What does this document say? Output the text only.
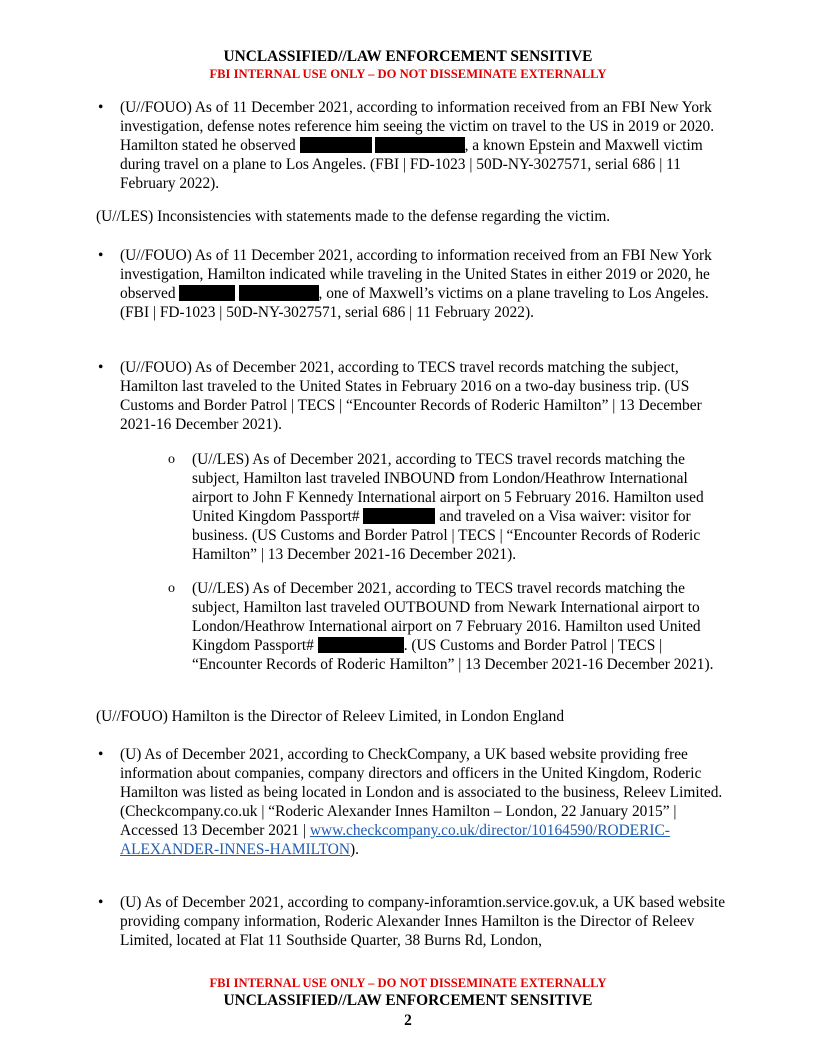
UNCLASSIFIED//LAW ENFORCEMENT SENSITIVE
FBI INTERNAL USE ONLY – DO NOT DISSEMINATE EXTERNALLY
• (U//FOUO) As of 11 December 2021, according to information received from an FBI New York investigation, defense notes reference him seeing the victim on travel to the US in 2019 or 2020. Hamilton stated he observed  	, a known Epstein and Maxwell victim during travel on a plane to Los Angeles. (FBI | FD-1023 | 50D-NY-3027571, serial 686 | 11 February 2022).
(U//LES) Inconsistencies with statements made to the defense regarding the victim.
• (U//FOUO) As of 11 December 2021, according to information received from an FBI New York investigation, Hamilton indicated while traveling in the United States in either 2019 or 2020, he observed  	, one of Maxwell’s victims on a plane traveling to Los Angeles. (FBI | FD-1023 | 50D-NY-3027571, serial 686 | 11 February 2022).
• (U//FOUO) As of December 2021, according to TECS travel records matching the subject, Hamilton last traveled to the United States in February 2016 on a two-day business trip. (US Customs and Border Patrol | TECS | “Encounter Records of Roderic Hamilton” | 13 December 2021-16 December 2021).
o (U//LES) As of December 2021, according to TECS travel records matching the subject, Hamilton last traveled INBOUND from London/Heathrow International airport to John F Kennedy International airport on 5 February 2016. Hamilton used United Kingdom Passport#	and traveled on a Visa waiver: visitor for business. (US Customs and Border Patrol | TECS | “Encounter Records of Roderic Hamilton” | 13 December 2021-16 December 2021).
o (U//LES) As of December 2021, according to TECS travel records matching the subject, Hamilton last traveled OUTBOUND from Newark International airport to London/Heathrow International airport on 7 February 2016. Hamilton used United Kingdom Passport#	. (US Customs and Border Patrol | TECS | “Encounter Records of Roderic Hamilton” | 13 December 2021-16 December 2021).
(U//FOUO) Hamilton is the Director of Releev Limited, in London England
• (U) As of December 2021, according to CheckCompany, a UK based website providing free information about companies, company directors and officers in the United Kingdom, Roderic Hamilton was listed as being located in London and is associated to the business, Releev Limited. (Checkcompany.co.uk | “Roderic Alexander Innes Hamilton – London, 22 January 2015” | Accessed 13 December 2021 | www.checkcompany.co.uk/director/10164590/RODERIC-ALEXANDER-INNES-HAMILTON).
• (U) As of December 2021, according to company-inforamtion.service.gov.uk, a UK based website providing company information, Roderic Alexander Innes Hamilton is the Director of Releev Limited, located at Flat 11 Southside Quarter, 38 Burns Rd, London,
FBI INTERNAL USE ONLY – DO NOT DISSEMINATE EXTERNALLY
UNCLASSIFIED//LAW ENFORCEMENT SENSITIVE
2
